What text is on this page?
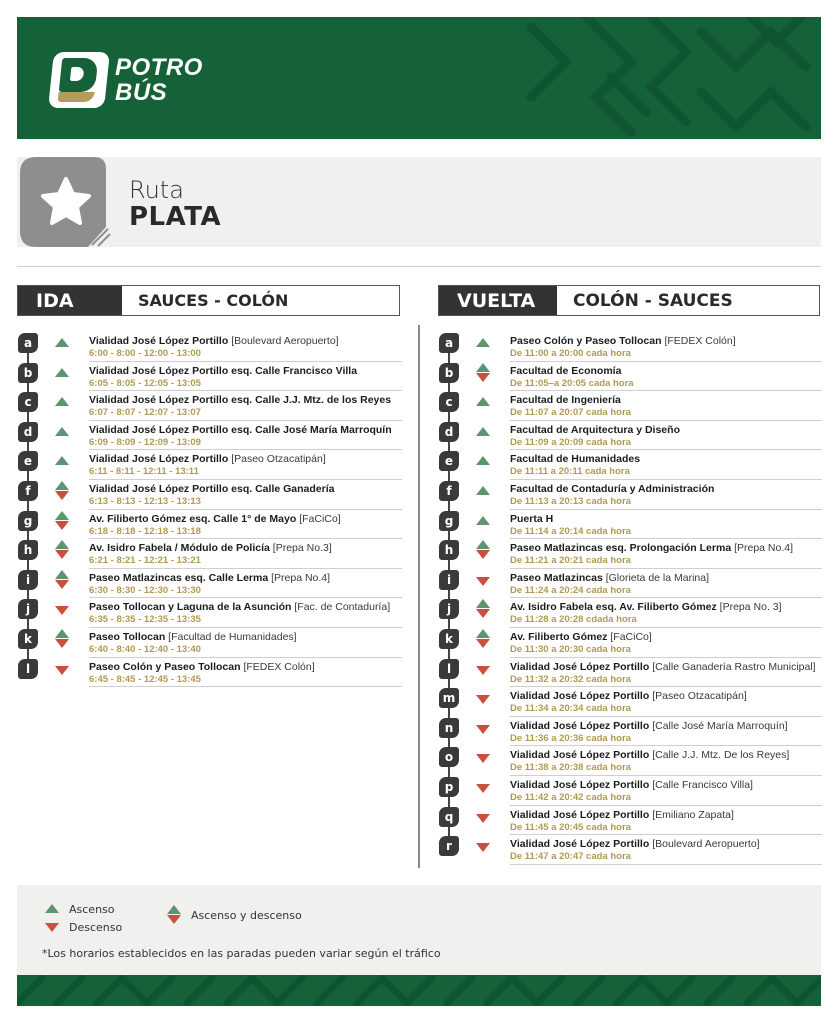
POTRO
BÚS
Ruta
PLATA
IDA	SAUCES - COLÓN	VUELTA	COLÓN - SAUCES
a	Vialidad José López Portillo [Boulevard Aeropuerto]
6:00 - 8:00 - 12:00 - 13:00
b	Vialidad José López Portillo esq. Calle Francisco Villa
6:05 - 8:05 - 12:05 - 13:05
c	Vialidad José López Portillo esq. Calle J.J. Mtz. de los Reyes
6:07 - 8:07 - 12:07 - 13:07
d	Vialidad José López Portillo esq. Calle José María Marroquín
6:09 - 8:09 - 12:09 - 13:09
e	Vialidad José López Portillo [Paseo Otzacatipán]
6:11 - 8:11 - 12:11 - 13:11
f	Vialidad José López Portillo esq. Calle Ganadería
6:13 - 8:13 - 12:13 - 13:13
g	Av. Filiberto Gómez esq. Calle 1° de Mayo [FaCiCo]
6:18 - 8:18 - 12:18 - 13:18
h	Av. Isidro Fabela / Módulo de Policía [Prepa No.3]
6:21 - 8:21 - 12:21 - 13:21
i	Paseo Matlazincas esq. Calle Lerma [Prepa No.4]
6:30 - 8:30 - 12:30 - 13:30
j	Paseo Tollocan y Laguna de la Asunción [Fac. de Contaduría]
6:35 - 8:35 - 12:35 - 13:35
k	Paseo Tollocan [Facultad de Humanidades]
6:40 - 8:40 - 12:40 - 13:40
l	Paseo Colón y Paseo Tollocan [FEDEX Colón]
6:45 - 8:45 - 12:45 - 13:45
a	Paseo Colón y Paseo Tollocan [FEDEX Colón]
De 11:00 a 20:00 cada hora
b	Facultad de Economía
De 11:05–a 20:05 cada hora
c	Facultad de Ingeniería
De 11:07 a 20:07 cada hora
d	Facultad de Arquitectura y Diseño
De 11:09 a 20:09 cada hora
e	Facultad de Humanidades
De 11:11 a 20:11 cada hora
f	Facultad de Contaduría y Administración
De 11:13 a 20:13 cada hora
g	Puerta H
De 11:14 a 20:14 cada hora
h	Paseo Matlazincas esq. Prolongación Lerma [Prepa No.4]
De 11:21 a 20:21 cada hora
i	Paseo Matlazincas [Glorieta de la Marina]
De 11:24 a 20:24 cada hora
j	Av. Isidro Fabela esq. Av. Filiberto Gómez [Prepa No. 3]
De 11:28 a 20:28 cdada hora
k	Av. Filiberto Gómez [FaCiCo]
De 11:30 a 20:30 cada hora
l	Vialidad José López Portillo [Calle Ganadería Rastro Municipal]
De 11:32 a 20:32 cada hora
m	Vialidad José López Portillo [Paseo Otzacatipán]
De 11:34 a 20:34 cada hora
n	Vialidad José López Portillo [Calle José María Marroquín]
De 11:36 a 20:36 cada hora
o	Vialidad José López Portillo [Calle J.J. Mtz. De los Reyes]
De 11:38 a 20:38 cada hora
p	Vialidad José López Portillo [Calle Francisco Villa]
De 11:42 a 20:42 cada hora
q	Vialidad José López Portillo [Emiliano Zapata]
De 11:45 a 20:45 cada hora
r	Vialidad José López Portillo [Boulevard Aeropuerto]
De 11:47 a 20:47 cada hora
Ascenso
Descenso
Ascenso y descenso
*Los horarios establecidos en las paradas pueden variar según el tráfico
